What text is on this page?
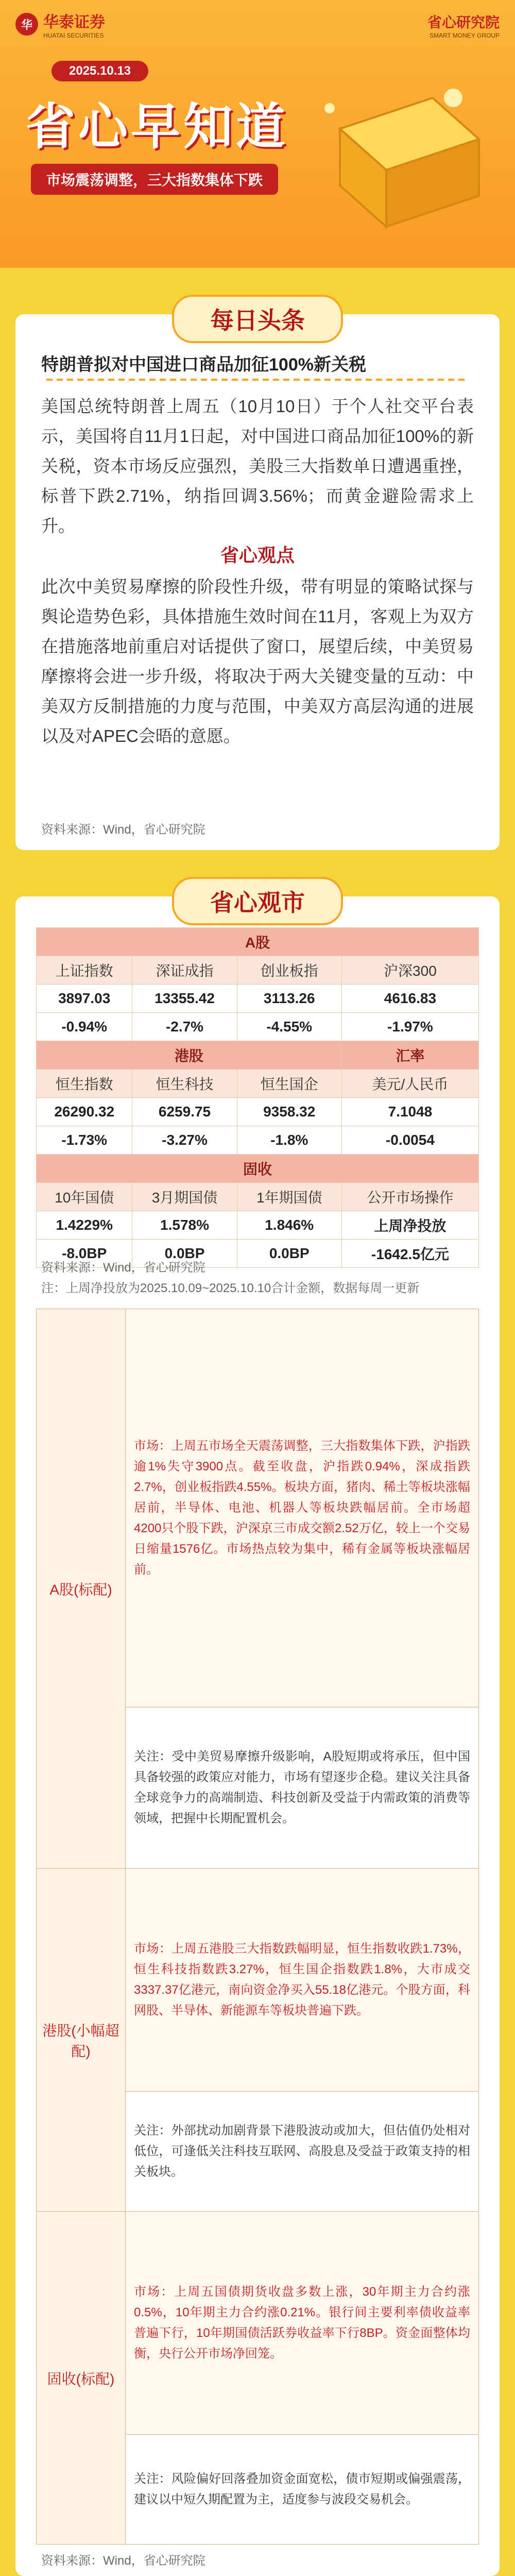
华 华泰证券
HUATAI SECURITIES
省心研究院
SMART MONEY GROUP
2025.10.13
省心早知道
市场震荡调整，三大指数集体下跌
每日头条
特朗普拟对中国进口商品加征100%新关税
美国总统特朗普上周五（10月10日）于个人社交平台表示，美国将自11月1日起，对中国进口商品加征100%的新关税，资本市场反应强烈，美股三大指数单日遭遇重挫，标普下跌2.71%，纳指回调3.56%；而黄金避险需求上升。
省心观点
此次中美贸易摩擦的阶段性升级，带有明显的策略试探与舆论造势色彩，具体措施生效时间在11月，客观上为双方在措施落地前重启对话提供了窗口，展望后续，中美贸易摩擦将会进一步升级，将取决于两大关键变量的互动：中美双方反制措施的力度与范围，中美双方高层沟通的进展以及对APEC会晤的意愿。
资料来源：Wind，省心研究院
省心观市
A股			
上证指数	深证成指	创业板指	沪深300
3897.03	13355.42	3113.26	4616.83
-0.94%	-2.7%	-4.55%	-1.97%
港股			汇率
恒生指数	恒生科技	恒生国企	美元/人民币
26290.32	6259.75	9358.32	7.1048
-1.73%	-3.27%	-1.8%	-0.0054
固收			
10年国债	3月期国债	1年期国债	公开市场操作
1.4229%	1.578%	1.846%	上周净投放
-8.0BP	0.0BP	0.0BP	-1642.5亿元
资料来源：Wind，省心研究院
注：上周净投放为2025.10.09~2025.10.10合计金额，数据每周一更新
A股(标配)	市场：上周五市场全天震荡调整，三大指数集体下跌，沪指跌逾1%失守3900点。截至收盘，沪指跌0.94%，深成指跌2.7%，创业板指跌4.55%。板块方面，猪肉、稀土等板块涨幅居前，半导体、电池、机器人等板块跌幅居前。全市场超4200只个股下跌，沪深京三市成交额2.52万亿，较上一个交易日缩量1576亿。市场热点较为集中，稀有金属等板块涨幅居前。
	关注：受中美贸易摩擦升级影响，A股短期或将承压，但中国具备较强的政策应对能力，市场有望逐步企稳。建议关注具备全球竞争力的高端制造、科技创新及受益于内需政策的消费等领域，把握中长期配置机会。
港股(小幅超配)	市场：上周五港股三大指数跌幅明显，恒生指数收跌1.73%，恒生科技指数跌3.27%，恒生国企指数跌1.8%，大市成交3337.37亿港元，南向资金净买入55.18亿港元。个股方面，科网股、半导体、新能源车等板块普遍下跌。
	关注：外部扰动加剧背景下港股波动或加大，但估值仍处相对低位，可逢低关注科技互联网、高股息及受益于政策支持的相关板块。
固收(标配)	市场：上周五国债期货收盘多数上涨，30年期主力合约涨0.5%，10年期主力合约涨0.21%。银行间主要利率债收益率普遍下行，10年期国债活跃券收益率下行8BP。资金面整体均衡，央行公开市场净回笼。
	关注：风险偏好回落叠加资金面宽松，债市短期或偏强震荡，建议以中短久期配置为主，适度参与波段交易机会。
资料来源：Wind，省心研究院
